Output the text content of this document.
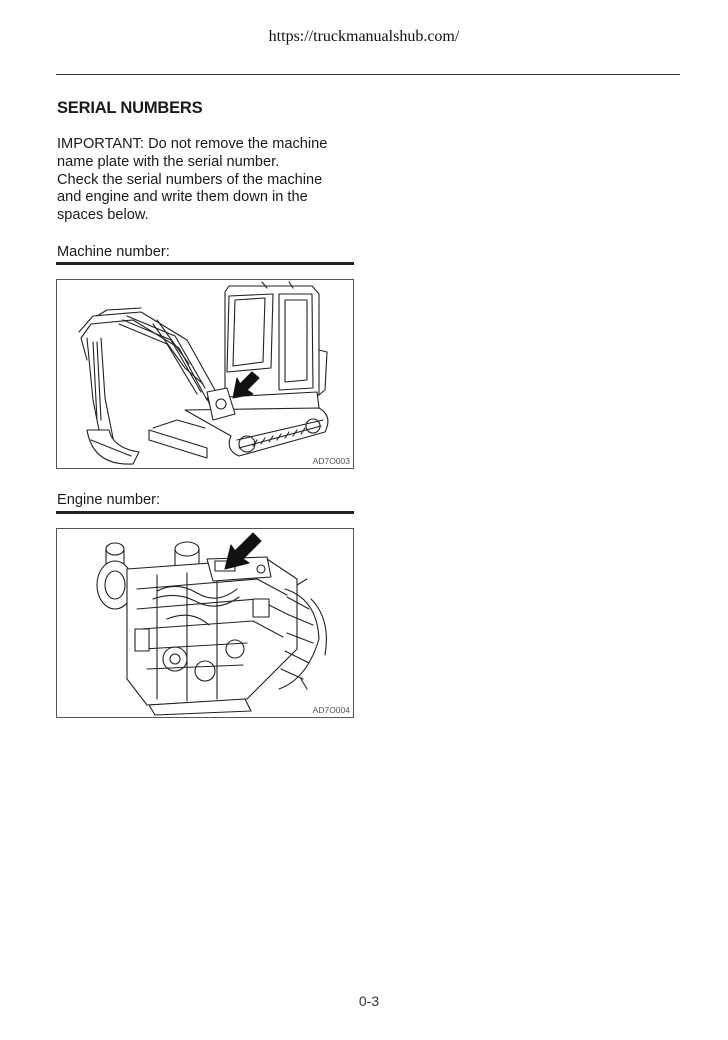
https://truckmanualshub.com/
SERIAL NUMBERS

IMPORTANT: Do not remove the machine

name plate with the serial number.

Check the serial numbers of the machine

and engine and write them down in the

spaces below.

Machine number:
AD7O003
Engine number:
AD7O004
0-3
